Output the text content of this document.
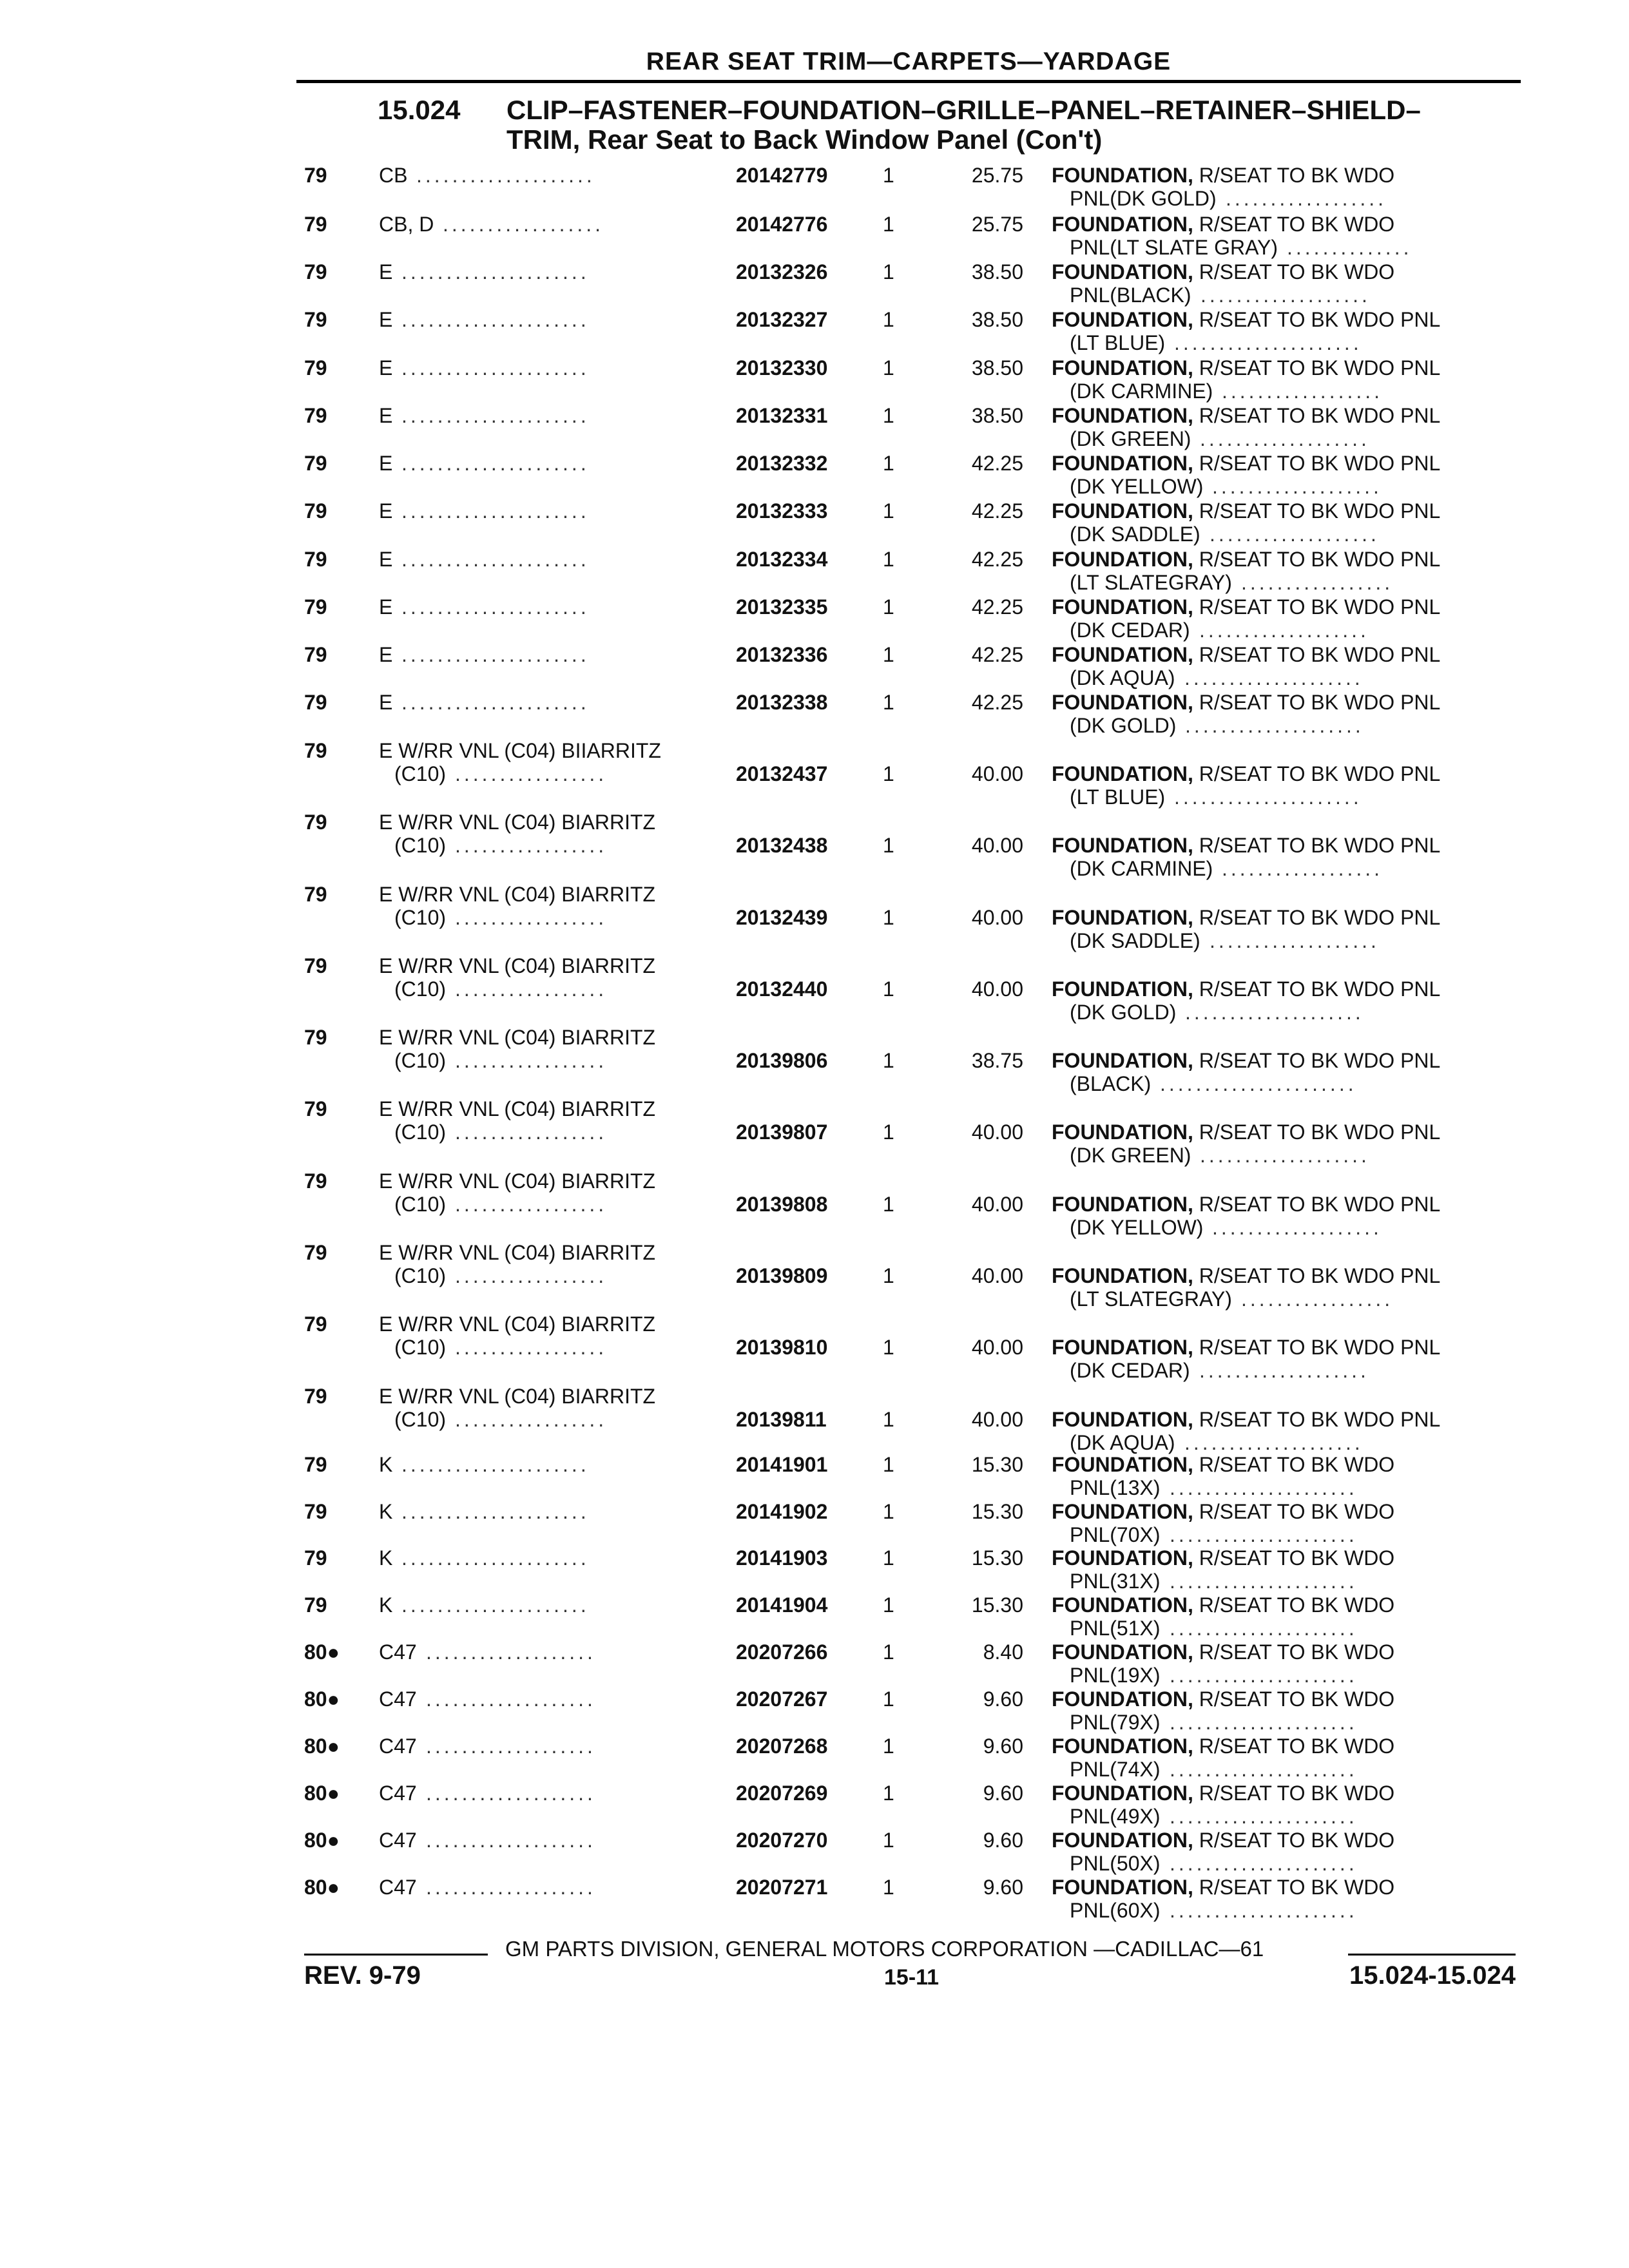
REAR SEAT TRIM—CARPETS—YARDAGE
15.024 CLIP–FASTENER–FOUNDATION–GRILLE–PANEL–RETAINER–SHIELD–
TRIM, Rear Seat to Back Window Panel (Con't)
79	CB ....................	20142779	1	25.75 FOUNDATION, R/SEAT TO BK WDO
PNL(DK GOLD) ..................
79	CB, D ..................	20142776	1	25.75 FOUNDATION, R/SEAT TO BK WDO
PNL(LT SLATE GRAY) ..............
79	E .....................	20132326	1	38.50 FOUNDATION, R/SEAT TO BK WDO
PNL(BLACK) ...................
79	E .....................	20132327	1	38.50 FOUNDATION, R/SEAT TO BK WDO PNL
(LT BLUE) .....................
79	E .....................	20132330	1	38.50 FOUNDATION, R/SEAT TO BK WDO PNL
(DK CARMINE) ..................
79	E .....................	20132331	1	38.50 FOUNDATION, R/SEAT TO BK WDO PNL
(DK GREEN) ...................
79	E .....................	20132332	1	42.25 FOUNDATION, R/SEAT TO BK WDO PNL
(DK YELLOW) ...................
79	E .....................	20132333	1	42.25 FOUNDATION, R/SEAT TO BK WDO PNL
(DK SADDLE) ...................
79	E .....................	20132334	1	42.25 FOUNDATION, R/SEAT TO BK WDO PNL
(LT SLATEGRAY) .................
79	E .....................	20132335	1	42.25 FOUNDATION, R/SEAT TO BK WDO PNL
(DK CEDAR) ...................
79	E .....................	20132336	1	42.25 FOUNDATION, R/SEAT TO BK WDO PNL
(DK AQUA) ....................
79	E .....................	20132338	1	42.25 FOUNDATION, R/SEAT TO BK WDO PNL
(DK GOLD) ....................
79	E W/RR VNL (C04) BIIARRITZ
(C10) .................	20132437	1	40.00 FOUNDATION, R/SEAT TO BK WDO PNL
(LT BLUE) .....................
79	E W/RR VNL (C04) BIARRITZ
(C10) .................	20132438	1	40.00 FOUNDATION, R/SEAT TO BK WDO PNL
(DK CARMINE) ..................
79	E W/RR VNL (C04) BIARRITZ
(C10) .................	20132439	1	40.00 FOUNDATION, R/SEAT TO BK WDO PNL
(DK SADDLE) ...................
79	E W/RR VNL (C04) BIARRITZ
(C10) .................	20132440	1	40.00 FOUNDATION, R/SEAT TO BK WDO PNL
(DK GOLD) ....................
79	E W/RR VNL (C04) BIARRITZ
(C10) .................	20139806	1	38.75 FOUNDATION, R/SEAT TO BK WDO PNL
(BLACK) ......................
79	E W/RR VNL (C04) BIARRITZ
(C10) .................	20139807	1	40.00 FOUNDATION, R/SEAT TO BK WDO PNL
(DK GREEN) ...................
79	E W/RR VNL (C04) BIARRITZ
(C10) .................	20139808	1	40.00 FOUNDATION, R/SEAT TO BK WDO PNL
(DK YELLOW) ...................
79	E W/RR VNL (C04) BIARRITZ
(C10) .................	20139809	1	40.00 FOUNDATION, R/SEAT TO BK WDO PNL
(LT SLATEGRAY) .................
79	E W/RR VNL (C04) BIARRITZ
(C10) .................	20139810	1	40.00 FOUNDATION, R/SEAT TO BK WDO PNL
(DK CEDAR) ...................
79	E W/RR VNL (C04) BIARRITZ
(C10) .................	20139811	1	40.00 FOUNDATION, R/SEAT TO BK WDO PNL
(DK AQUA) ....................
79	K .....................	20141901	1	15.30 FOUNDATION, R/SEAT TO BK WDO
PNL(13X) .....................
79	K .....................	20141902	1	15.30 FOUNDATION, R/SEAT TO BK WDO
PNL(70X) .....................
79	K .....................	20141903	1	15.30 FOUNDATION, R/SEAT TO BK WDO
PNL(31X) .....................
79	K .....................	20141904	1	15.30 FOUNDATION, R/SEAT TO BK WDO
PNL(51X) .....................
80● C47 ...................	20207266	1	8.40 FOUNDATION, R/SEAT TO BK WDO
PNL(19X) .....................
80● C47 ...................	20207267	1	9.60 FOUNDATION, R/SEAT TO BK WDO
PNL(79X) .....................
80● C47 ...................	20207268	1	9.60 FOUNDATION, R/SEAT TO BK WDO
PNL(74X) .....................
80● C47 ...................	20207269	1	9.60 FOUNDATION, R/SEAT TO BK WDO
PNL(49X) .....................
80● C47 ...................	20207270	1	9.60 FOUNDATION, R/SEAT TO BK WDO
PNL(50X) .....................
80● C47 ...................	20207271	1	9.60 FOUNDATION, R/SEAT TO BK WDO
PNL(60X) .....................
GM PARTS DIVISION, GENERAL MOTORS CORPORATION —CADILLAC—61
REV. 9-79	15-11	15.024-15.024
